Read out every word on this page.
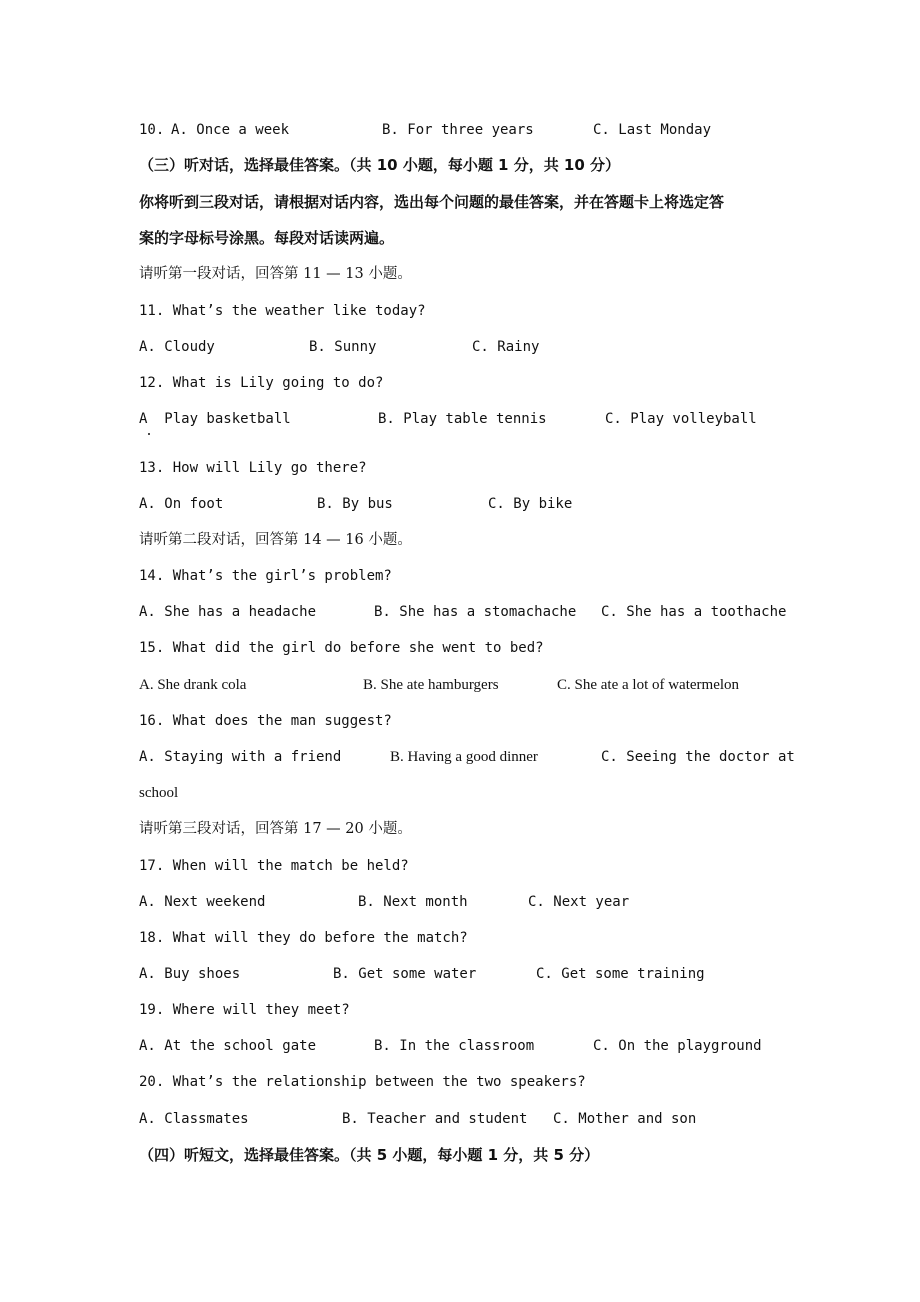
A. Once a week
10.	B. For three years	C. Last Monday
（三）听对话，选择最佳答案。（共 10 小题，每小题 1 分，共 10 分）
你将听到三段对话，请根据对话内容，选出每个问题的最佳答案，并在答题卡上将选定答
案的字母标号涂黑。每段对话读两遍。
请听第一段对话，回答第 11 — 13 小题。
11. What’s the weather like today?
A. Cloudy	B. Sunny	C. Rainy
12. What is Lily going to do?
A  Play basketball	B. Play table tennis	C. Play volleyball
13. How will Lily go there?
A. On foot	B. By bus	C. By bike
请听第二段对话，回答第 14 — 16 小题。
14. What’s the girl’s problem?
A. She has a headache	B. She has a stomachache C. She has a toothache
15. What did the girl do before she went to bed?
A. She drank cola	B. She ate hamburgers	C. She ate a lot of watermelon
16. What does the man suggest?
A. Staying with a friend	B. Having a good dinner	C. Seeing the doctor at
school
请听第三段对话，回答第 17 — 20 小题。
17. When will the match be held?
A. Next weekend	B. Next month	C. Next year
18. What will they do before the match?
A. Buy shoes	B. Get some water	C. Get some training
19. Where will they meet?
A. At the school gate	B. In the classroom	C. On the playground
20. What’s the relationship between the two speakers?
A. Classmates	B. Teacher and student C. Mother and son
（四）听短文，选择最佳答案。（共 5 小题，每小题 1 分，共 5 分）
